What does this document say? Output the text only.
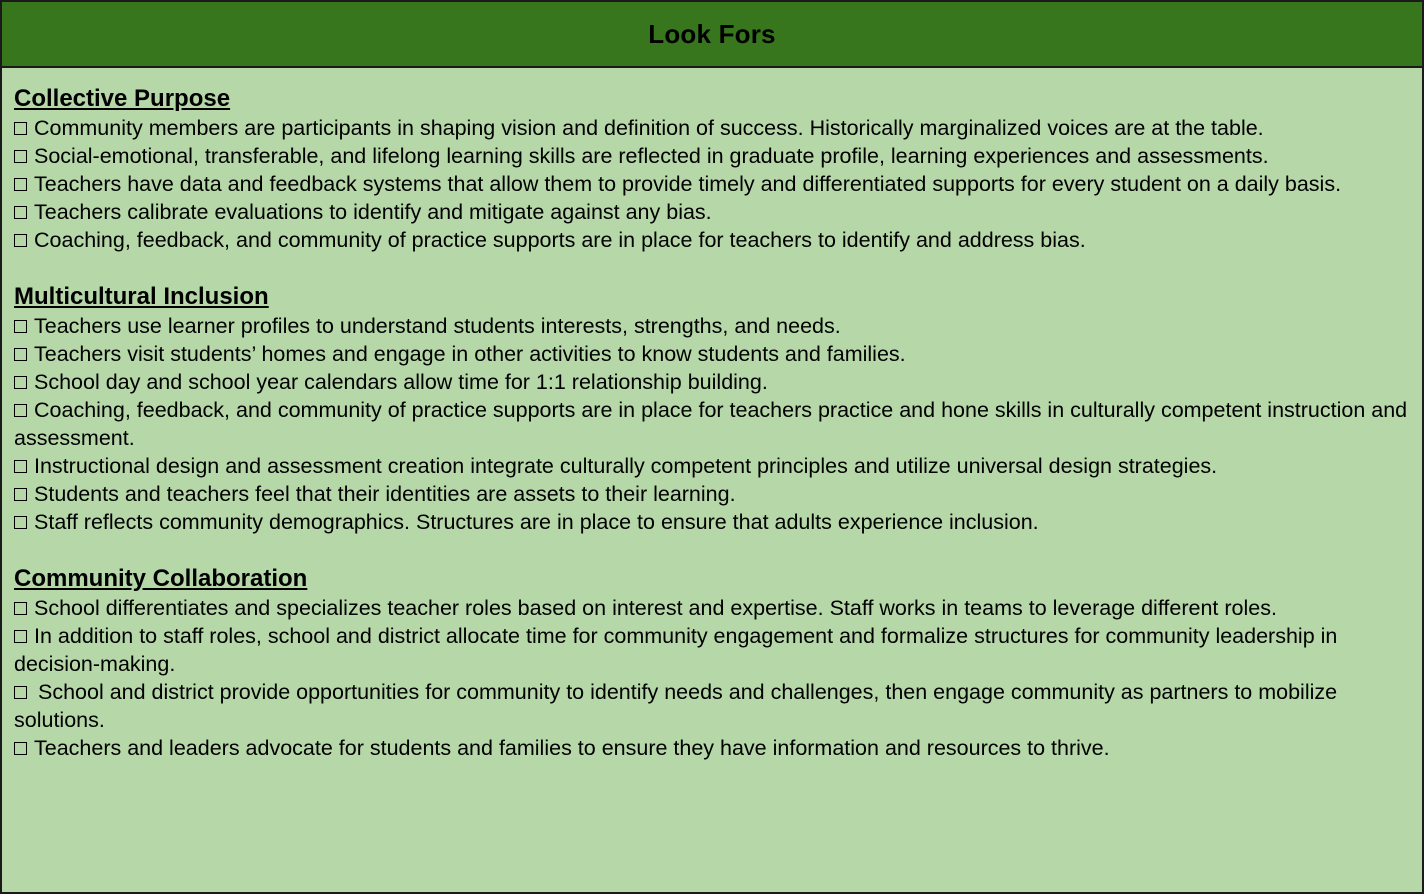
Look Fors
Collective Purpose
Community members are participants in shaping vision and definition of success. Historically marginalized voices are at the table.
Social-emotional, transferable, and lifelong learning skills are reflected in graduate profile, learning experiences and assessments.
Teachers have data and feedback systems that allow them to provide timely and differentiated supports for every student on a daily basis.
Teachers calibrate evaluations to identify and mitigate against any bias.
Coaching, feedback, and community of practice supports are in place for teachers to identify and address bias.
Multicultural Inclusion
Teachers use learner profiles to understand students interests, strengths, and needs.
Teachers visit students’ homes and engage in other activities to know students and families.
School day and school year calendars allow time for 1:1 relationship building.
Coaching, feedback, and community of practice supports are in place for teachers practice and hone skills in culturally competent instruction and assessment.
Instructional design and assessment creation integrate culturally competent principles and utilize universal design strategies.
Students and teachers feel that their identities are assets to their learning.
Staff reflects community demographics. Structures are in place to ensure that adults experience inclusion.
Community Collaboration
School differentiates and specializes teacher roles based on interest and expertise. Staff works in teams to leverage different roles.
In addition to staff roles, school and district allocate time for community engagement and formalize structures for community leadership in decision-making.
School and district provide opportunities for community to identify needs and challenges, then engage community as partners to mobilize solutions.
Teachers and leaders advocate for students and families to ensure they have information and resources to thrive.
